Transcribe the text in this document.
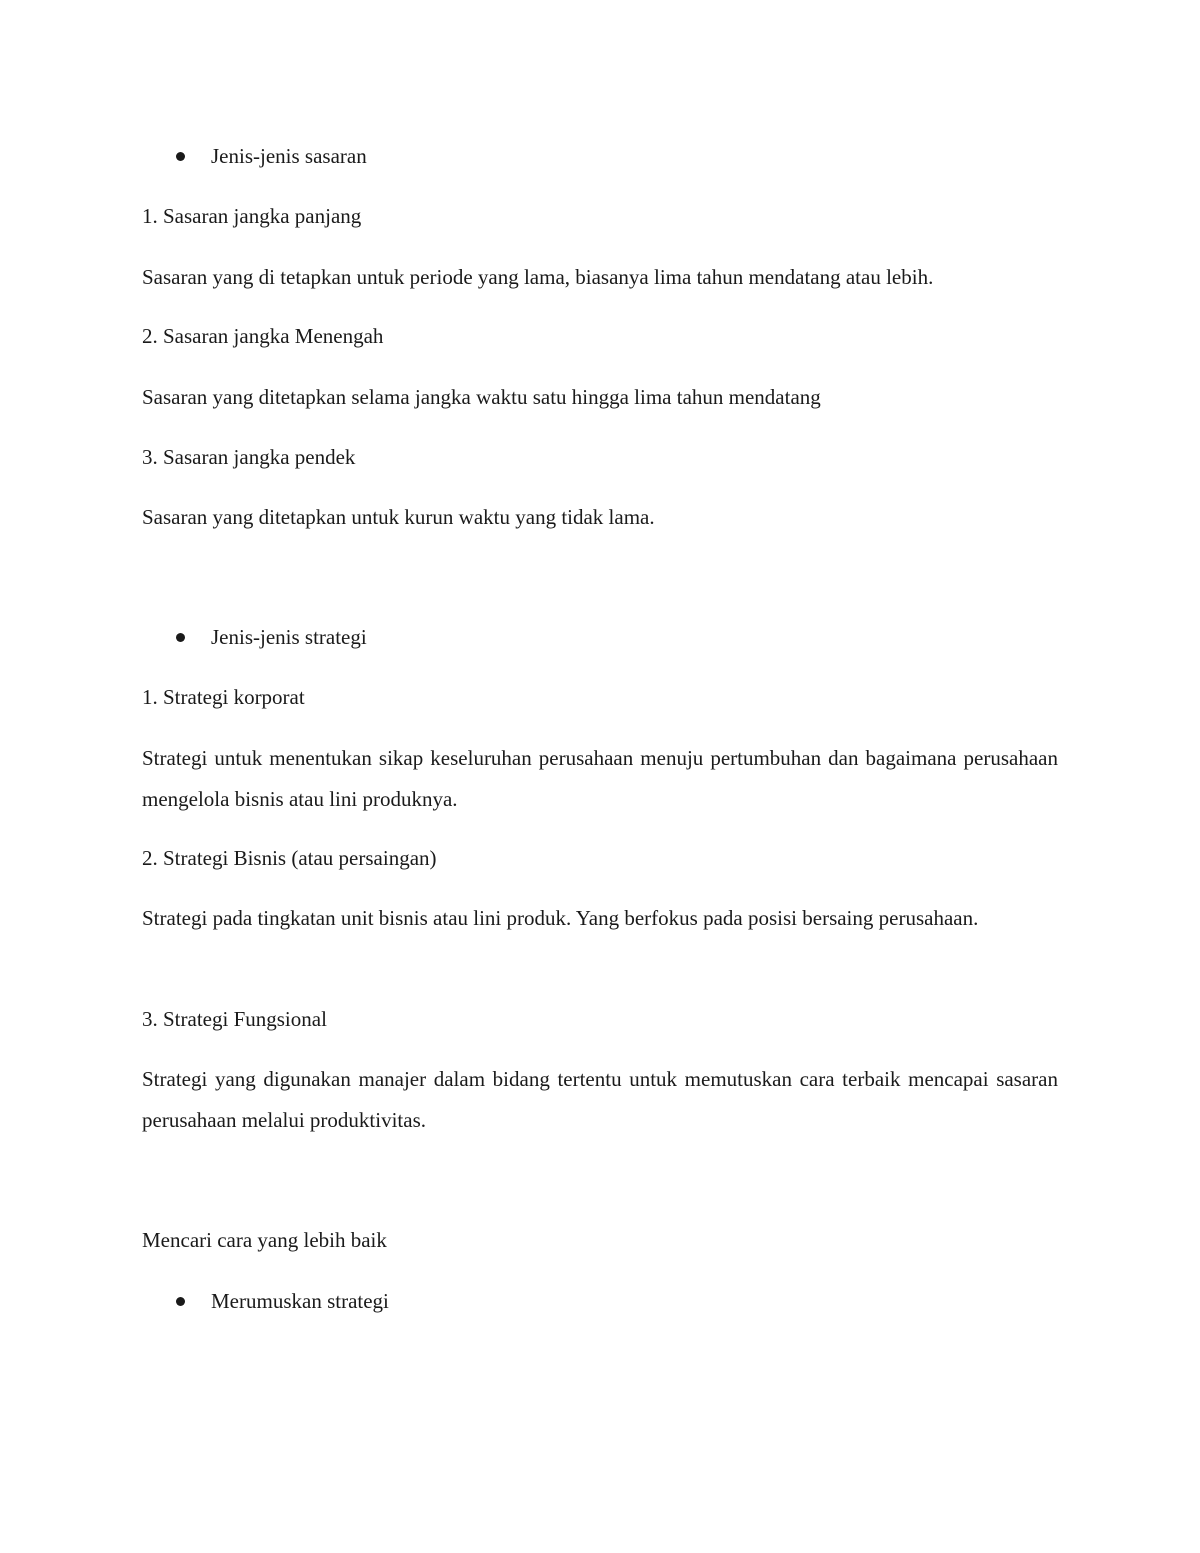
Jenis-jenis sasaran
1. Sasaran jangka panjang
Sasaran yang di tetapkan untuk periode yang lama, biasanya lima tahun mendatang atau lebih.
2. Sasaran jangka Menengah
Sasaran yang ditetapkan selama jangka waktu satu hingga lima tahun mendatang
3. Sasaran jangka pendek
Sasaran yang ditetapkan untuk kurun waktu yang tidak lama.
Jenis-jenis strategi
1. Strategi korporat
Strategi untuk menentukan sikap keseluruhan perusahaan menuju pertumbuhan dan bagaimana perusahaan mengelola bisnis atau lini produknya.
2. Strategi Bisnis (atau persaingan)
Strategi pada tingkatan unit bisnis atau lini produk. Yang berfokus pada posisi bersaing perusahaan.
3. Strategi Fungsional
Strategi yang digunakan manajer dalam bidang tertentu untuk memutuskan cara terbaik mencapai sasaran perusahaan melalui produktivitas.
Mencari cara yang lebih baik
Merumuskan strategi
